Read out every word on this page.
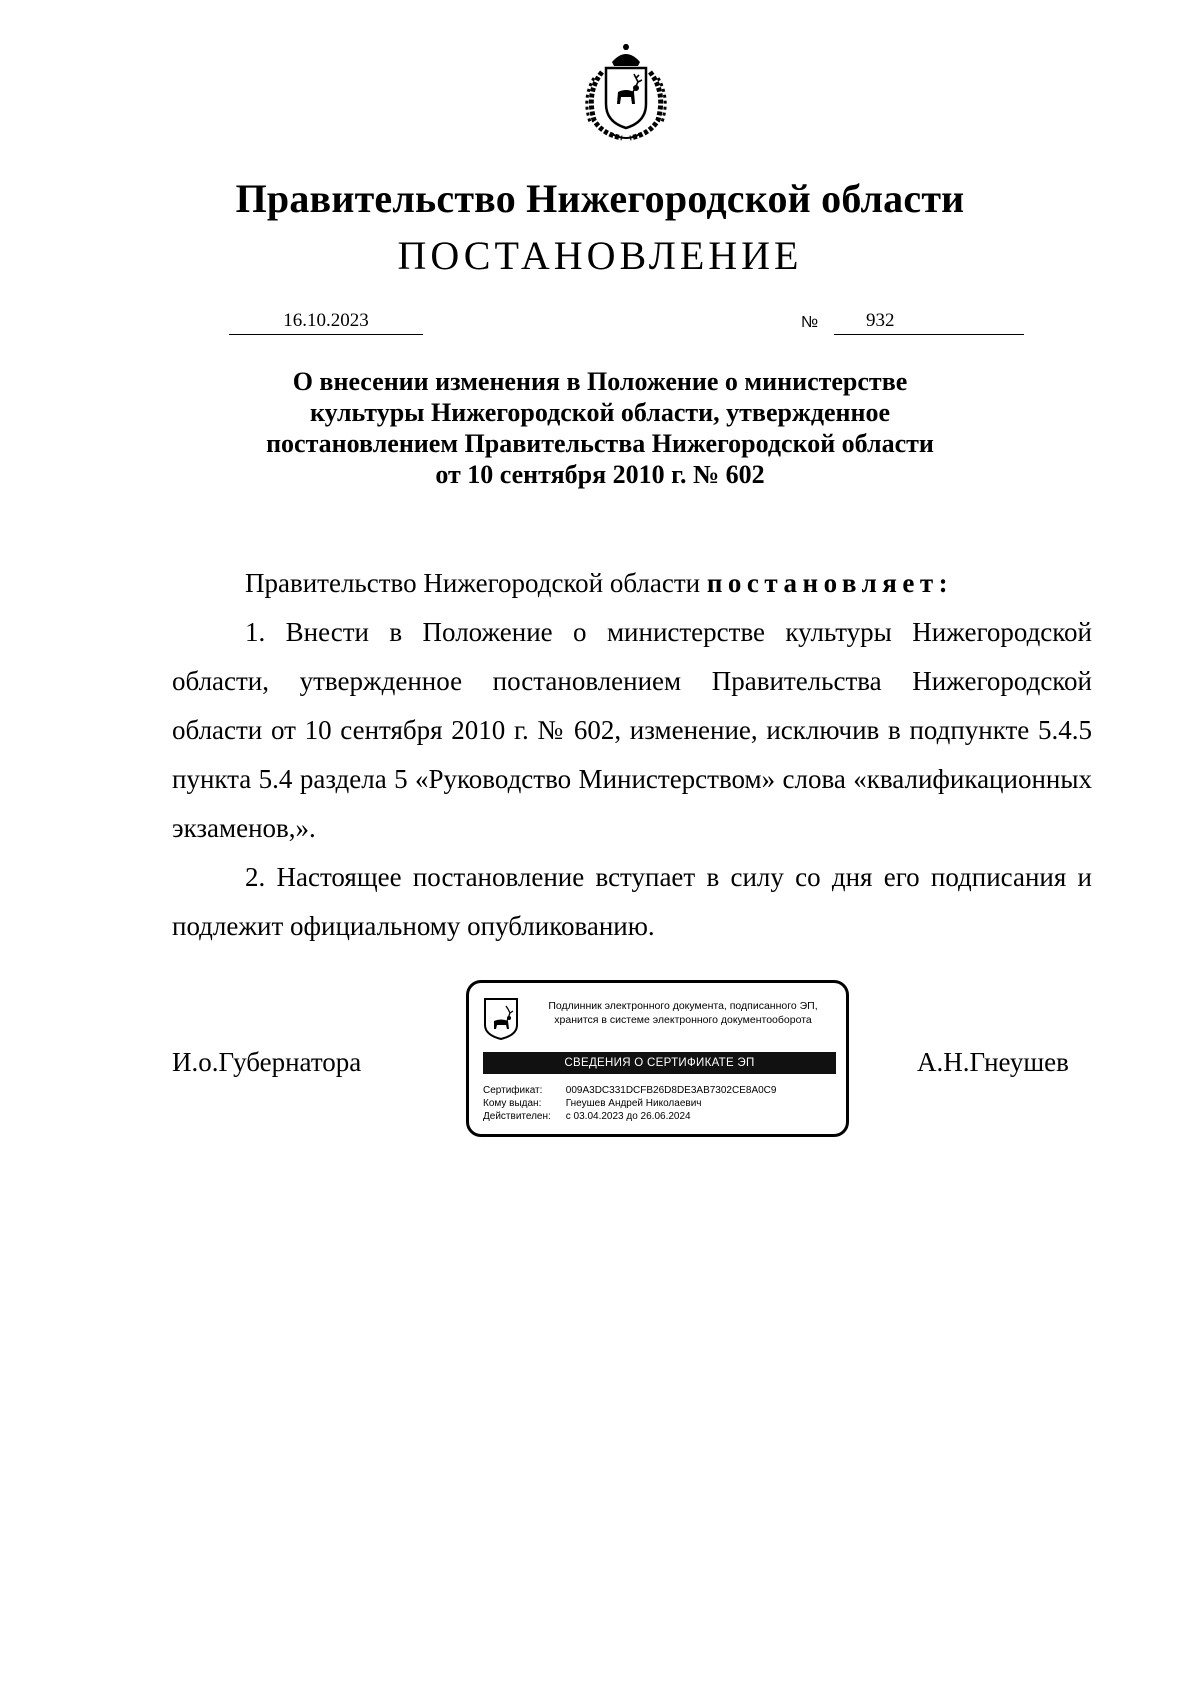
Правительство Нижегородской области
ПОСТАНОВЛЕНИЕ
16.10.2023	№	932
О внесении изменения в Положение о министерстве
культуры Нижегородской области, утвержденное
постановлением Правительства Нижегородской области
от 10 сентября 2010 г. № 602

Правительство Нижегородской области постановляет:

1. Внести в Положение о министерстве культуры Нижегородской области, утвержденное постановлением Правительства Нижегородской области от 10 сентября 2010 г. № 602, изменение, исключив в подпункте 5.4.5 пункта 5.4 раздела 5 «Руководство Министерством» слова «квалификационных экзаменов,».

2. Настоящее постановление вступает в силу со дня его подписания и подлежит официальному опубликованию.

И.о.Губернатора	А.Н.Гнеушев
Подлинник электронного документа, подписанного ЭП,
хранится в системе электронного документооборота
СВЕДЕНИЯ О СЕРТИФИКАТЕ ЭП
Сертификат: 009A3DC331DCFB26D8DE3AB7302CE8A0C9
Кому выдан: Гнеушев Андрей Николаевич
Действителен: с 03.04.2023 до 26.06.2024
